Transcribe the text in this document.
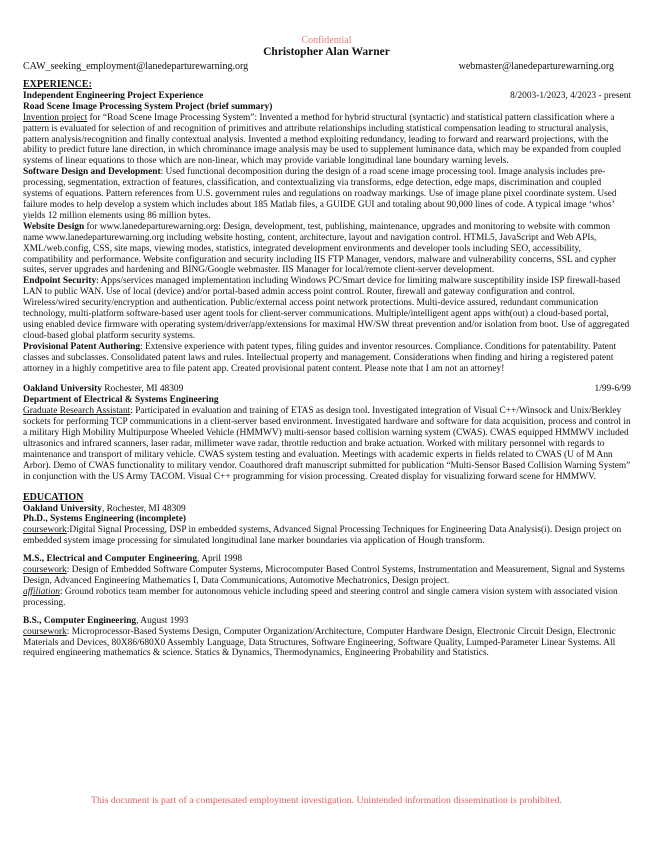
Confidential
Christopher Alan Warner
CAW_seeking_employment@lanedeparturewarning.org	webmaster@lanedeparturewarning.org

EXPERIENCE:

Independent Engineering Project Experience	8/2003-1/2023, 4/2023 - present

Road Scene Image Processing System Project (brief summary)

Invention project for “Road Scene Image Processing System”: Invented a method for hybrid structural (syntactic) and statistical pattern classification where a pattern is evaluated for selection of and recognition of primitives and attribute relationships including statistical compensation leading to structural analysis, pattern analysis/recognition and finally contextual analysis. Invented a method exploiting redundancy, leading to forward and rearward projections, with the ability to predict future lane direction, in which chrominance image analysis may be used to supplement luminance data, which may be expanded from coupled systems of linear equations to those which are non-linear, which may provide variable longitudinal lane boundary warning levels.

Software Design and Development: Used functional decomposition during the design of a road scene image processing tool. Image analysis includes pre-processing, segmentation, extraction of features, classification, and contextualizing via transforms, edge detection, edge maps, discrimination and coupled systems of equations. Pattern references from U.S. government rules and regulations on roadway markings. Use of image plane pixel coordinate system. Used failure modes to help develop a system which includes about 185 Matlab files, a GUIDE GUI and totaling about 90,000 lines of code. A typical image ‘whos’ yields 12 million elements using 86 million bytes.

Website Design for www.lanedeparturewarning.org: Design, development, test, publishing, maintenance, upgrades and monitoring to website with common name www.lanedeparturewarning.org including website hosting, content, architecture, layout and navigation control. HTML5, JavaScript and Web APIs, XML/web.config, CSS, site maps, viewing modes, statistics, integrated development environments and developer tools including SEO, accessibility, compatibility and performance. Website configuration and security including IIS FTP Manager, vendors, malware and vulnerability concerns, SSL and cypher suites, server upgrades and hardening and BING/Google webmaster. IIS Manager for local/remote client-server development.

Endpoint Security: Apps/services managed implementation including Windows PC/Smart device for limiting malware susceptibility inside ISP firewall-based LAN to public WAN. Use of local (device) and/or portal-based admin access point control. Router, firewall and gateway configuration and control. Wireless/wired security/encryption and authentication. Public/external access point network protections. Multi-device assured, redundant communication technology, multi-platform software-based user agent tools for client-server communications. Multiple/intelligent agent apps with(out) a cloud-based portal, using enabled device firmware with operating system/driver/app/extensions for maximal HW/SW threat prevention and/or isolation from boot. Use of aggregated cloud-based global platform security systems.

Provisional Patent Authoring: Extensive experience with patent types, filing guides and inventor resources. Compliance. Conditions for patentability. Patent classes and subclasses. Consolidated patent laws and rules. Intellectual property and management. Considerations when finding and hiring a registered patent attorney in a highly competitive area to file patent app. Created provisional patent content. Please note that I am not an attorney!

Oakland University Rochester, MI 48309	1/99-6/99

Department of Electrical & Systems Engineering

Graduate Research Assistant: Participated in evaluation and training of ETAS as design tool. Investigated integration of Visual C++/Winsock and Unix/Berkley sockets for performing TCP communications in a client-server based environment. Investigated hardware and software for data acquisition, process and control in a military High Mobility Multipurpose Wheeled Vehicle (HMMWV) multi-sensor based collision warning system (CWAS). CWAS equipped HMMWV included ultrasonics and infrared scanners, laser radar, millimeter wave radar, throttle reduction and brake actuation. Worked with military personnel with regards to maintenance and transport of military vehicle. CWAS system testing and evaluation. Meetings with academic experts in fields related to CWAS (U of M Ann Arbor). Demo of CWAS functionality to military vendor. Coauthored draft manuscript submitted for publication “Multi-Sensor Based Collision Warning System” in conjunction with the US Army TACOM. Visual C++ programming for vision processing. Created display for visualizing forward scene for HMMWV.

EDUCATION

Oakland University, Rochester, MI 48309

Ph.D., Systems Engineering (incomplete)

coursework:Digital Signal Processing, DSP in embedded systems, Advanced Signal Processing Techniques for Engineering Data Analysis(i). Design project on embedded system image processing for simulated longitudinal lane marker boundaries via application of Hough transform.

M.S., Electrical and Computer Engineering, April 1998

coursework: Design of Embedded Software Computer Systems, Microcomputer Based Control Systems, Instrumentation and Measurement, Signal and Systems Design, Advanced Engineering Mathematics I, Data Communications, Automotive Mechatronics, Design project.

affiliation: Ground robotics team member for autonomous vehicle including speed and steering control and single camera vision system with associated vision processing.

B.S., Computer Engineering, August 1993

coursework: Microprocessor-Based Systems Design, Computer Organization/Architecture, Computer Hardware Design, Electronic Circuit Design, Electronic Materials and Devices, 80X86/680X0 Assembly Language, Data Structures, Software Engineering, Software Quality, Lumped-Parameter Linear Systems. All required engineering mathematics & science. Statics & Dynamics, Thermodynamics, Engineering Probability and Statistics.

This document is part of a compensated employment investigation. Unintended information dissemination is prohibited.
